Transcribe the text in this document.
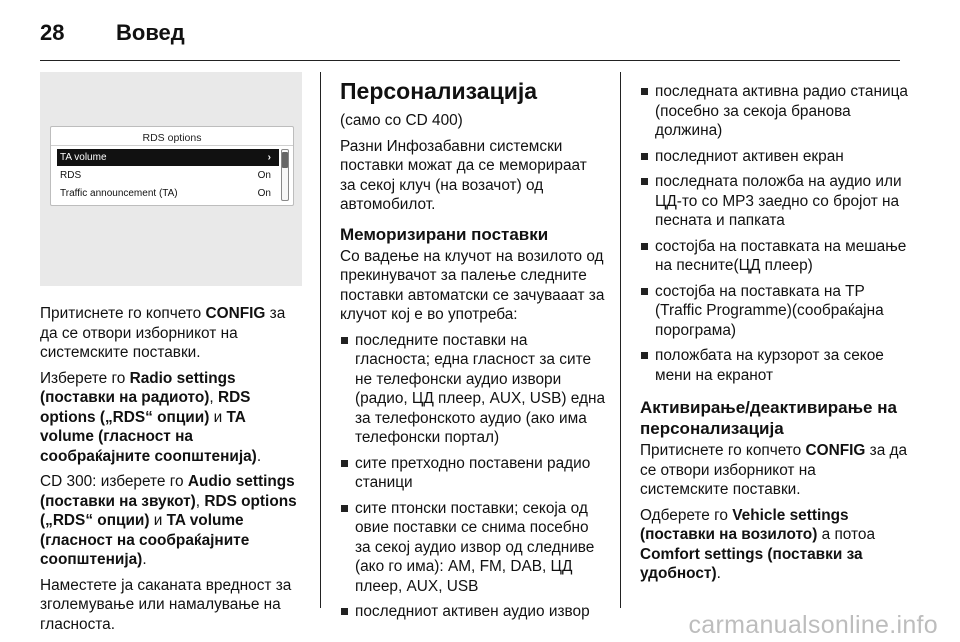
28 Вовед
RDS options
TA volume	›
RDS	On
Traffic announcement (TA)	On

Притиснете го копчето CONFIG за да се отвори изборникот на системските поставки.

Изберете го Radio settings (поставки на радиото), RDS options („RDS“ опции) и TA volume (гласност на сообраќајните соопштенија).

CD 300: изберете го Audio settings (поставки на звукот), RDS options („RDS“ опции) и TA volume (гласност на сообраќајните соопштенија).

Наместете ја саканата вредност за зголемување или намалување на гласноста.

Персонализација

(само со CD 400)

Разни Инфозабавни системски поставки можат да се меморираат за секој клуч (на возачот) од автомобилот.

Меморизирани поставки

Со вадење на клучот на возилото од прекинувачот за палење следните поставки автоматски се зачувааат за клучот кој е во употреба:

последните поставки на гласноста; една гласност за сите не телефонски аудио извори (радио, ЦД плеер, AUX, USB) една за телефонското аудио (ако има телефонски портал)
сите претходно поставени радио станици
сите птонски поставки; секоја од овие поставки се снима посебно за секој аудио извор од следниве (ако го има): AM, FM, DAB, ЦД плеер, AUX, USB
последниот активен аудио извор
последната активна радио станица (посебно за секоја бранова должина)
последниот активен екран
последната положба на аудио или ЦД-то со MP3 заедно со бројот на песната и папката
состојба на поставката на мешање на песните(ЦД плеер)
состојба на поставката на TP (Traffic Programme)(сообраќајна порограма)
положбата на курзорот за секое мени на екранот
Активирање/деактивирање на персонализација

Притиснете го копчето CONFIG за да се отвори изборникот на системските поставки.

Одберете го Vehicle settings (поставки на возилото) а потоа Comfort settings (поставки за удобност).

carmanualsonline.info
